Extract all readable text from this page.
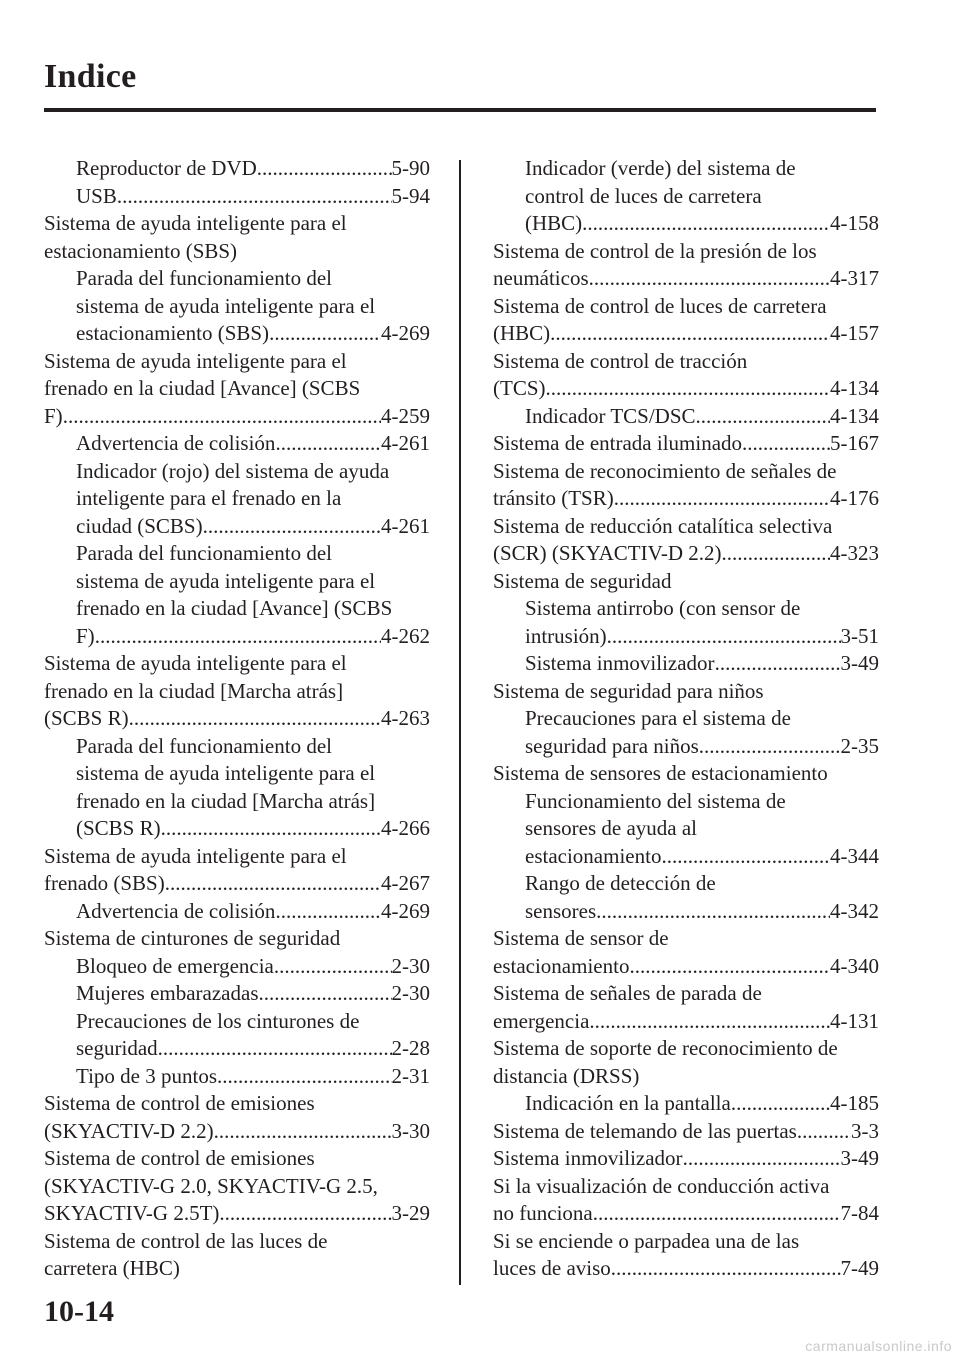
Indice
Reproductor de DVD .....	5-90
USB .....	5-94
Sistema de ayuda inteligente para el
estacionamiento (SBS)
Parada del funcionamiento del
sistema de ayuda inteligente para el
estacionamiento (SBS) .....	4-269
Sistema de ayuda inteligente para el
frenado en la ciudad [Avance] (SCBS
F) .....	4-259
Advertencia de colisión .....	4-261
Indicador (rojo) del sistema de ayuda
inteligente para el frenado en la
ciudad (SCBS) .....	4-261
Parada del funcionamiento del
sistema de ayuda inteligente para el
frenado en la ciudad [Avance] (SCBS
F) .....	4-262
Sistema de ayuda inteligente para el
frenado en la ciudad [Marcha atrás]
(SCBS R) .....	4-263
Parada del funcionamiento del
sistema de ayuda inteligente para el
frenado en la ciudad [Marcha atrás]
(SCBS R) .....	4-266
Sistema de ayuda inteligente para el
frenado (SBS) .....	4-267
Advertencia de colisión .....	4-269
Sistema de cinturones de seguridad
Bloqueo de emergencia .....	2-30
Mujeres embarazadas .....	2-30
Precauciones de los cinturones de
seguridad .....	2-28
Tipo de 3 puntos .....	2-31
Sistema de control de emisiones
(SKYACTIV-D 2.2) .....	3-30
Sistema de control de emisiones
(SKYACTIV-G 2.0, SKYACTIV-G 2.5,
SKYACTIV-G 2.5T) .....	3-29
Sistema de control de las luces de
carretera (HBC)
Indicador (verde) del sistema de
control de luces de carretera
(HBC) .....	4-158
Sistema de control de la presión de los
neumáticos .....	4-317
Sistema de control de luces de carretera
(HBC) .....	4-157
Sistema de control de tracción
(TCS) .....	4-134
Indicador TCS/DSC .....	4-134
Sistema de entrada iluminado .....	5-167
Sistema de reconocimiento de señales de
tránsito (TSR) .....	4-176
Sistema de reducción catalítica selectiva
(SCR) (SKYACTIV-D 2.2) .....	4-323
Sistema de seguridad
Sistema antirrobo (con sensor de
intrusión) .....	3-51
Sistema inmovilizador .....	3-49
Sistema de seguridad para niños
Precauciones para el sistema de
seguridad para niños .....	2-35
Sistema de sensores de estacionamiento
Funcionamiento del sistema de
sensores de ayuda al
estacionamiento .....	4-344
Rango de detección de
sensores .....	4-342
Sistema de sensor de
estacionamiento .....	4-340
Sistema de señales de parada de
emergencia .....	4-131
Sistema de soporte de reconocimiento de
distancia (DRSS)
Indicación en la pantalla .....	4-185
Sistema de telemando de las puertas .....	3-3
Sistema inmovilizador .....	3-49
Si la visualización de conducción activa
no funciona .....	7-84
Si se enciende o parpadea una de las
luces de aviso .....	7-49
10-14
carmanualsonline.info
